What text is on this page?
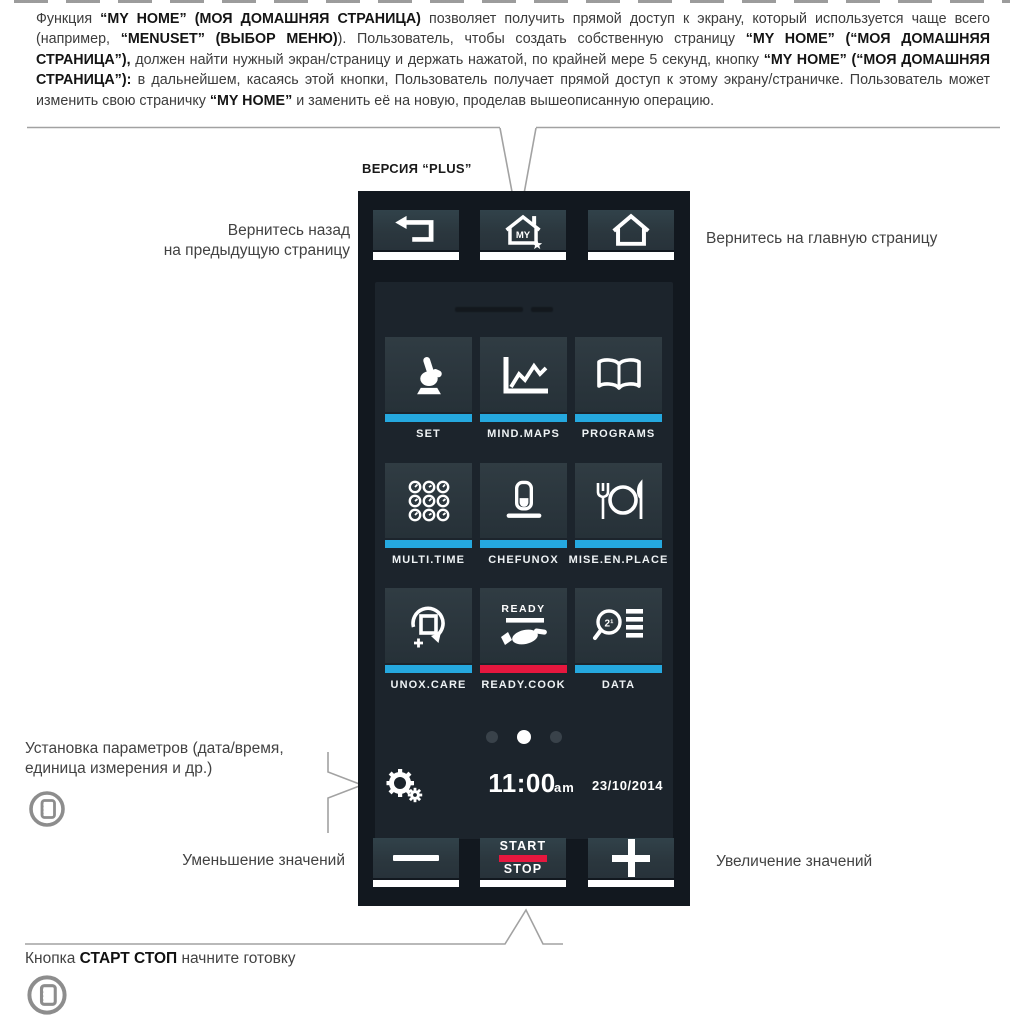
Функция “MY HOME” (МОЯ ДОМАШНЯЯ СТРАНИЦА) позволяет получить прямой доступ к экрану, который используется чаще всего (например, “MENUSET” (ВЫБОР МЕНЮ)). Пользователь, чтобы создать собственную страницу “MY HOME” (“МОЯ ДОМАШНЯЯ СТРАНИЦА”), должен найти нужный экран/страницу и держать нажатой, по крайней мере 5 секунд, кнопку “MY HOME” (“МОЯ ДОМАШНЯЯ СТРАНИЦА”): в дальнейшем, касаясь этой кнопки, Пользователь получает прямой доступ к этому экрану/страничке. Пользователь может изменить свою страничку “MY HOME” и заменить её на новую, проделав вышеописанную операцию.

ВЕРСИЯ “PLUS”
Вернитесь назад
на предыдущую страницу
Вернитесь на главную страницу
Установка параметров (дата/время,
единица измерения и др.)
Уменьшение значений	Увеличение значений
MY
SET	MIND.MAPS	PROGRAMS
MULTI.TIME	CHEFUNOX MISE.EN.PLACE
READY
2¹
UNOX.CARE	READY.COOK	DATA
11:00
am 23/10/2014
START
STOP
Кнопка СТАРТ СТОП начните готовку
